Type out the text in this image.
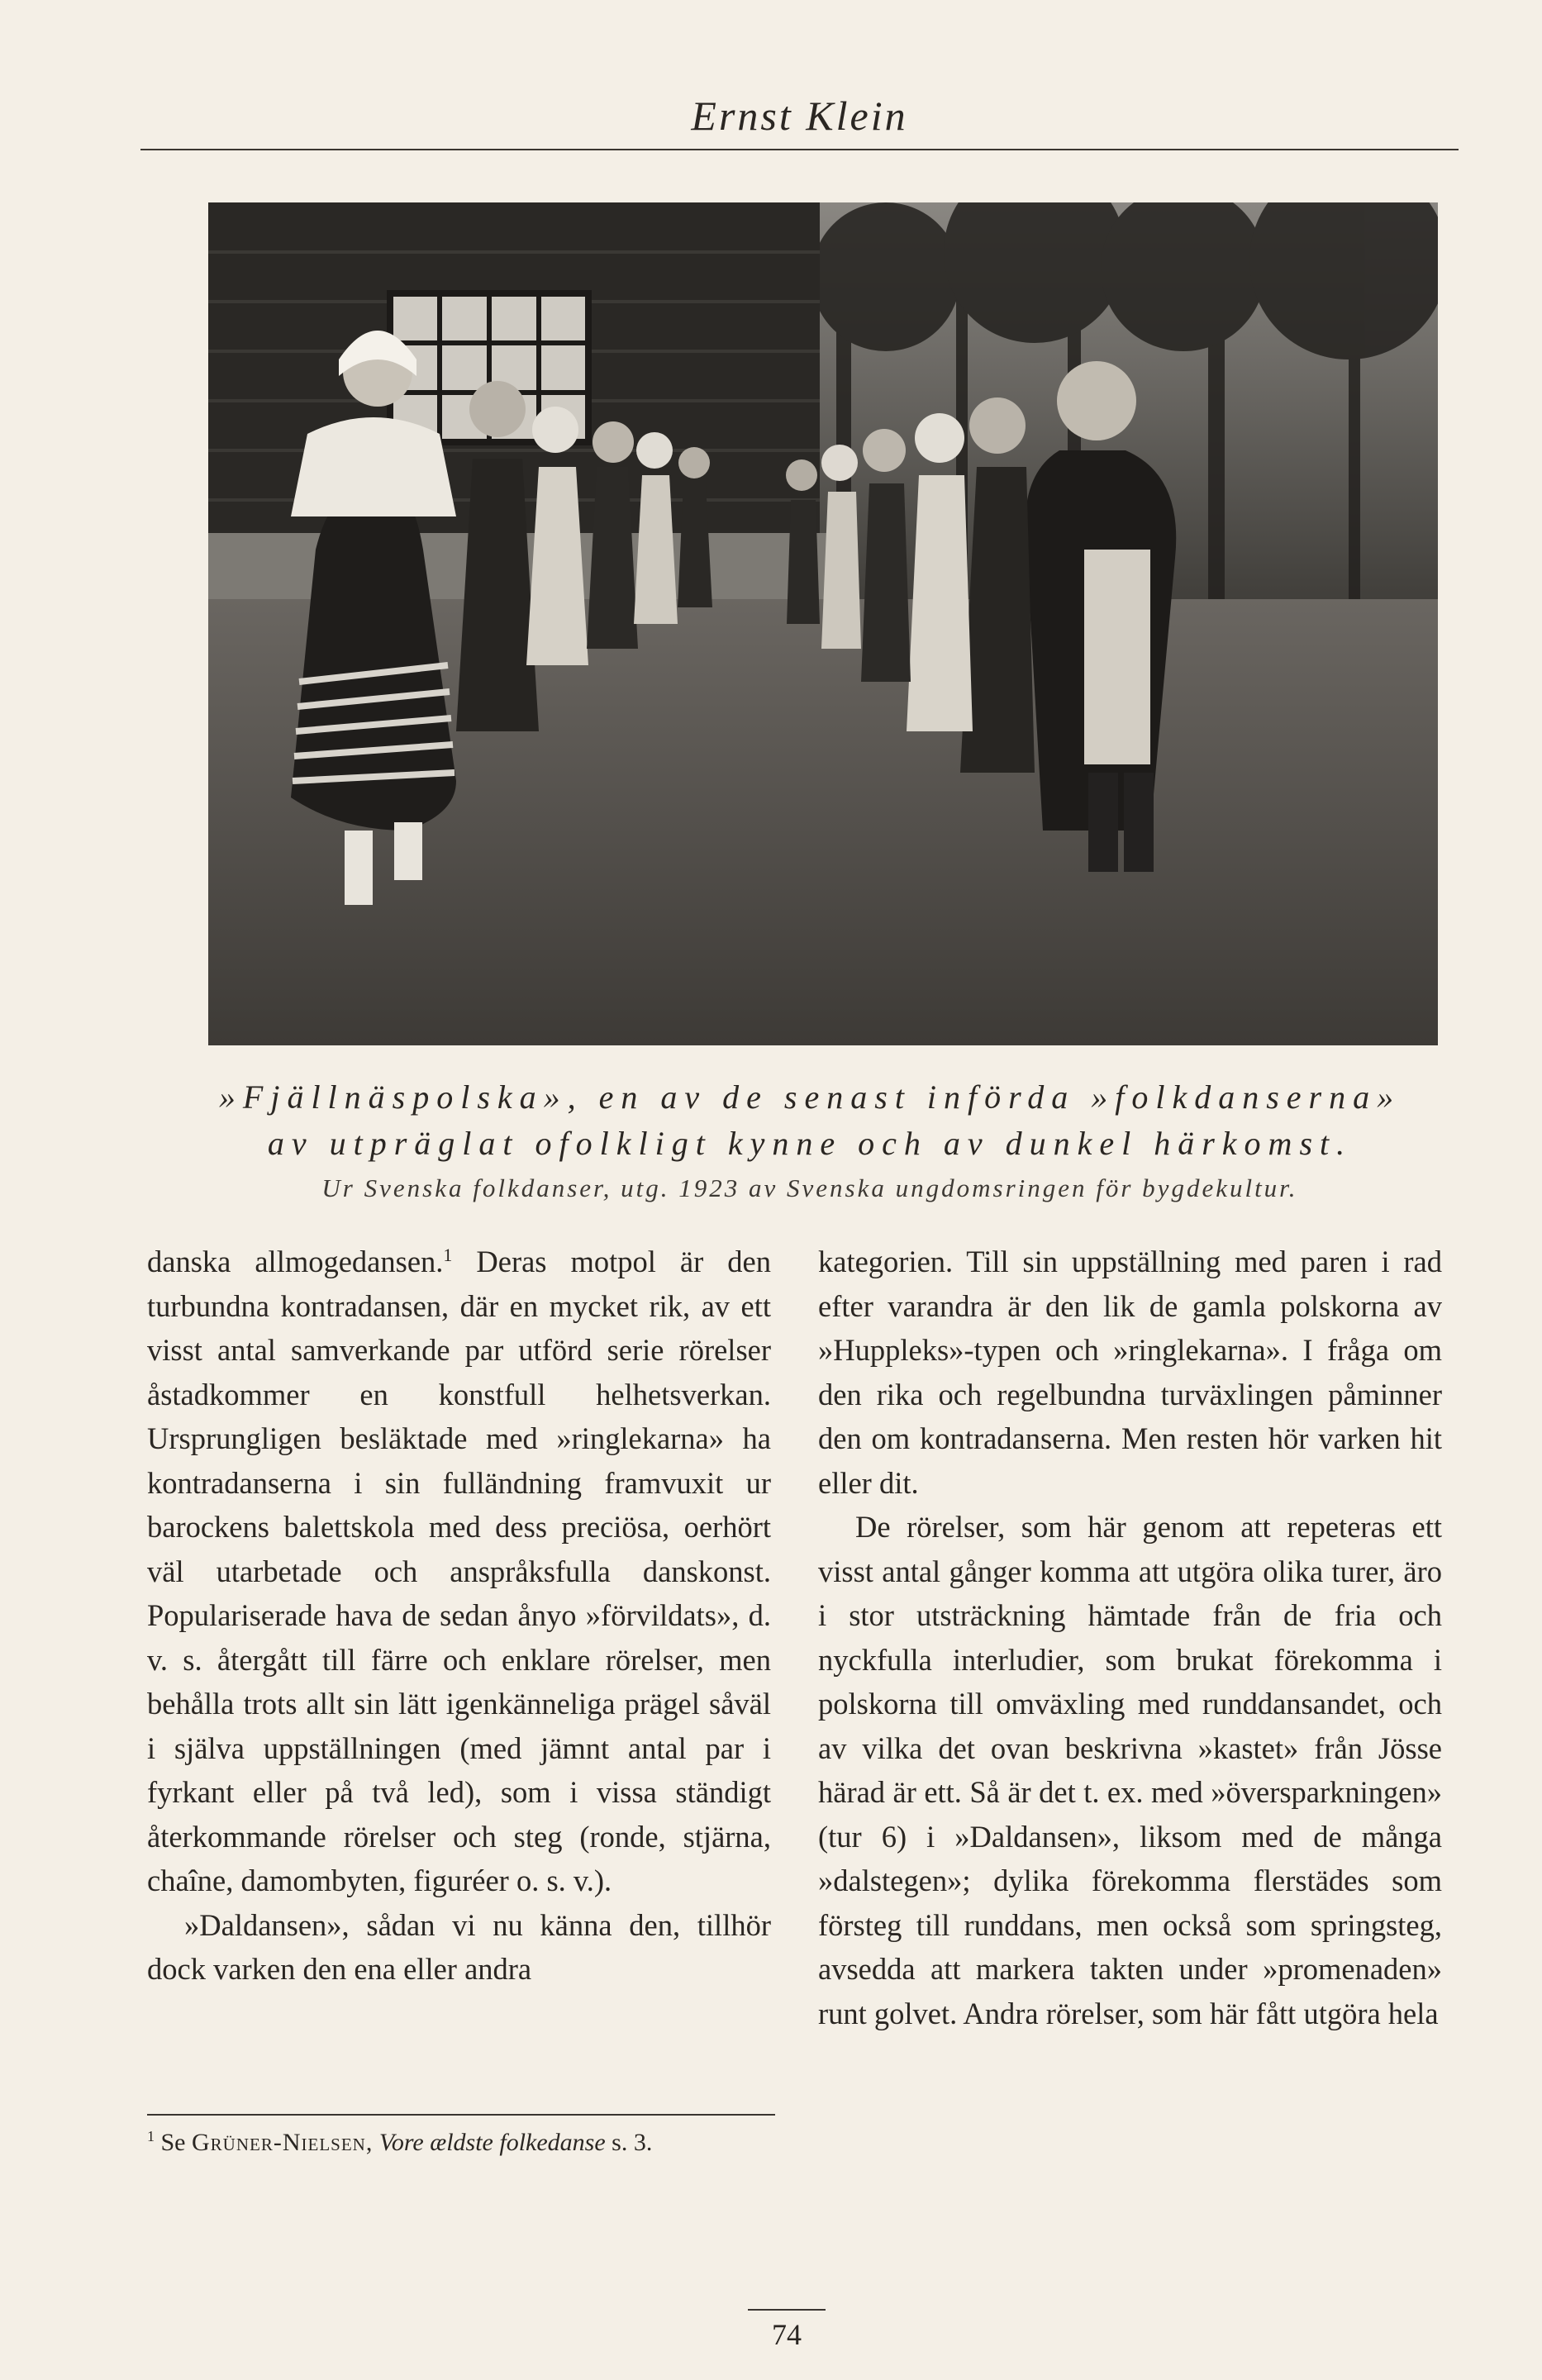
Ernst Klein
»Fjällnäspolska», en av de senast införda »folkdanserna»
av utpräglat ofolkligt kynne och av dunkel härkomst.
Ur Svenska folkdanser, utg. 1923 av Svenska ungdomsringen för bygdekultur.

danska allmogedansen.$^1$ Deras motpol är den turbundna kontradansen, där en mycket rik, av ett visst antal samverkande par utförd serie rörelser åstadkommer en konstfull helhetsverkan. Ursprungligen besläktade med »ringlekarna» ha kontradanserna i sin fulländning framvuxit ur barockens balettskola med dess preciösa, oerhört väl utarbetade och anspråksfulla danskonst. Populariserade hava de sedan ånyo »förvildats», d. v. s. återgått till färre och enklare rörelser, men behålla trots allt sin lätt igenkänneliga prägel såväl i själva uppställningen (med jämnt antal par i fyrkant eller på två led), som i vissa ständigt återkommande rörelser och steg (ronde, stjärna, chaîne, damombyten, figuréer o. s. v.).

»Daldansen», sådan vi nu känna den, tillhör dock varken den ena eller andra

kategorien. Till sin uppställning med paren i rad efter varandra är den lik de gamla polskorna av »Huppleks»-typen och »ringlekarna». I fråga om den rika och regelbundna turväxlingen påminner den om kontradanserna. Men resten hör varken hit eller dit.

De rörelser, som här genom att repeteras ett visst antal gånger komma att utgöra olika turer, äro i stor utsträckning hämtade från de fria och nyckfulla interludier, som brukat förekomma i polskorna till omväxling med runddansandet, och av vilka det ovan beskrivna »kastet» från Jösse härad är ett. Så är det t. ex. med »översparkningen» (tur 6) i »Daldansen», liksom med de många »dalstegen»; dylika förekomma flerstädes som försteg till runddans, men också som springsteg, avsedda att markera takten under »promenaden» runt golvet. Andra rörelser, som här fått utgöra hela

$^1$ Se Grüner-Nielsen, Vore ældste folkedanse s. 3.
74
